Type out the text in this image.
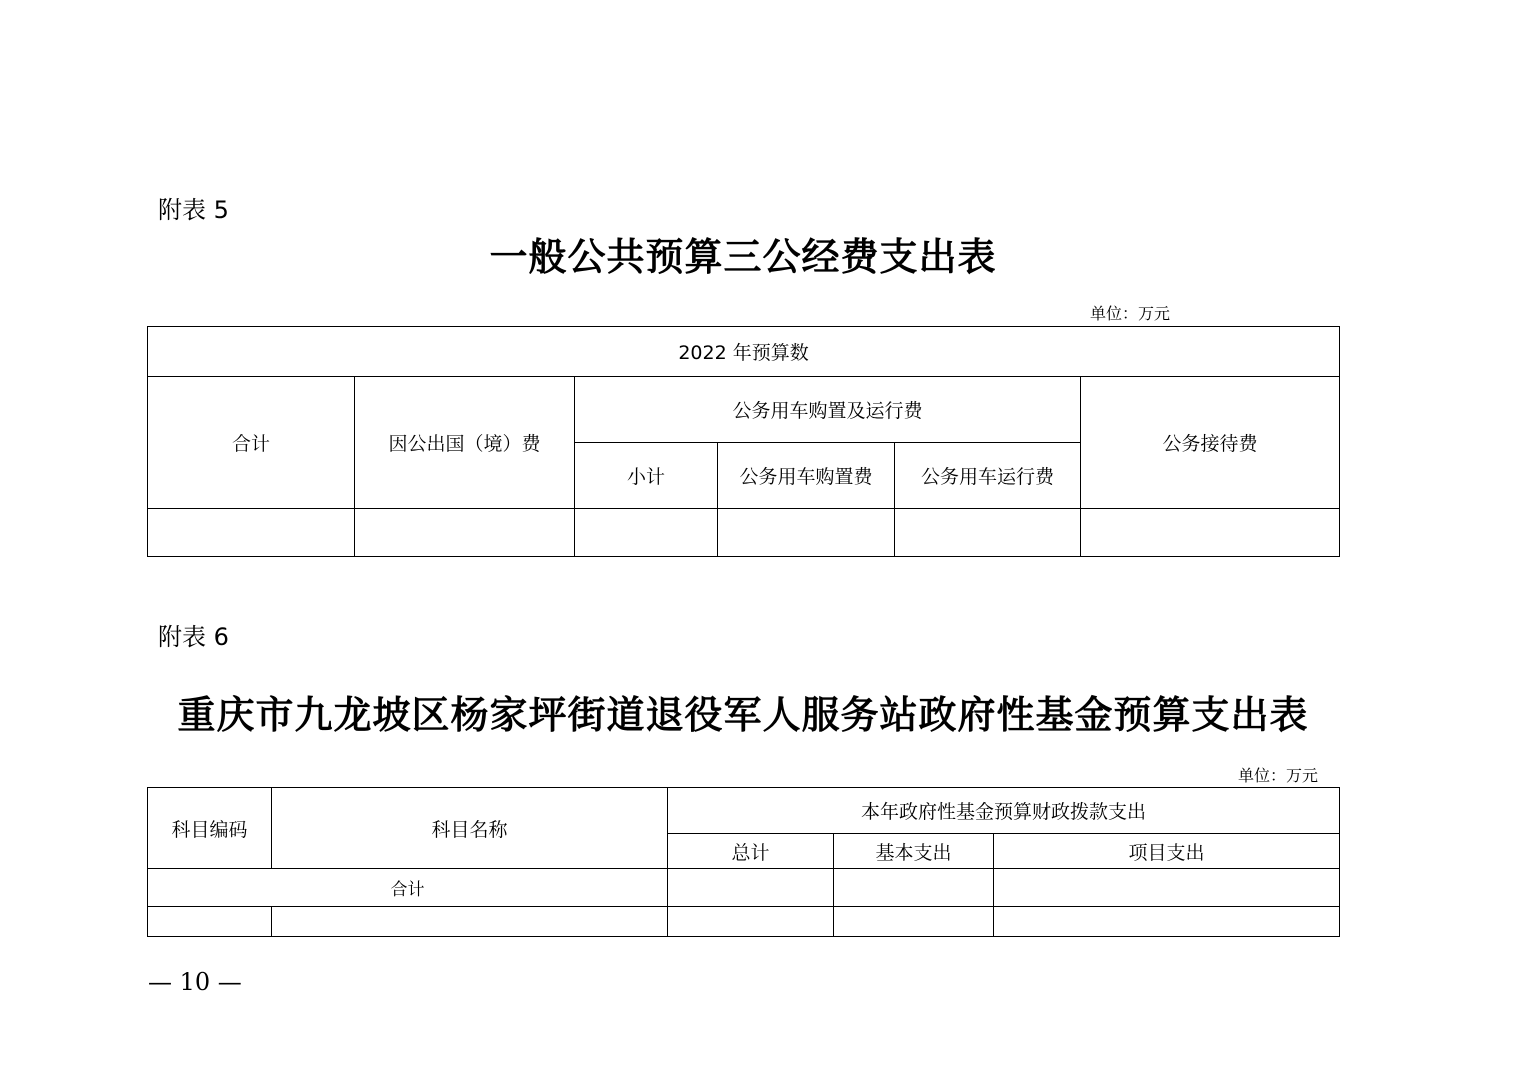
附表 5
一般公共预算三公经费支出表
单位：万元
2022 年预算数					
合计	因公出国（境）费	公务用车购置及运行费			公务接待费
		小计	公务用车购置费	公务用车运行费	

附表 6
重庆市九龙坡区杨家坪街道退役军人服务站政府性基金预算支出表
单位：万元
科目编码	科目名称	本年政府性基金预算财政拨款支出		
		总计	基本支出	项目支出
合计				

— 10 —
